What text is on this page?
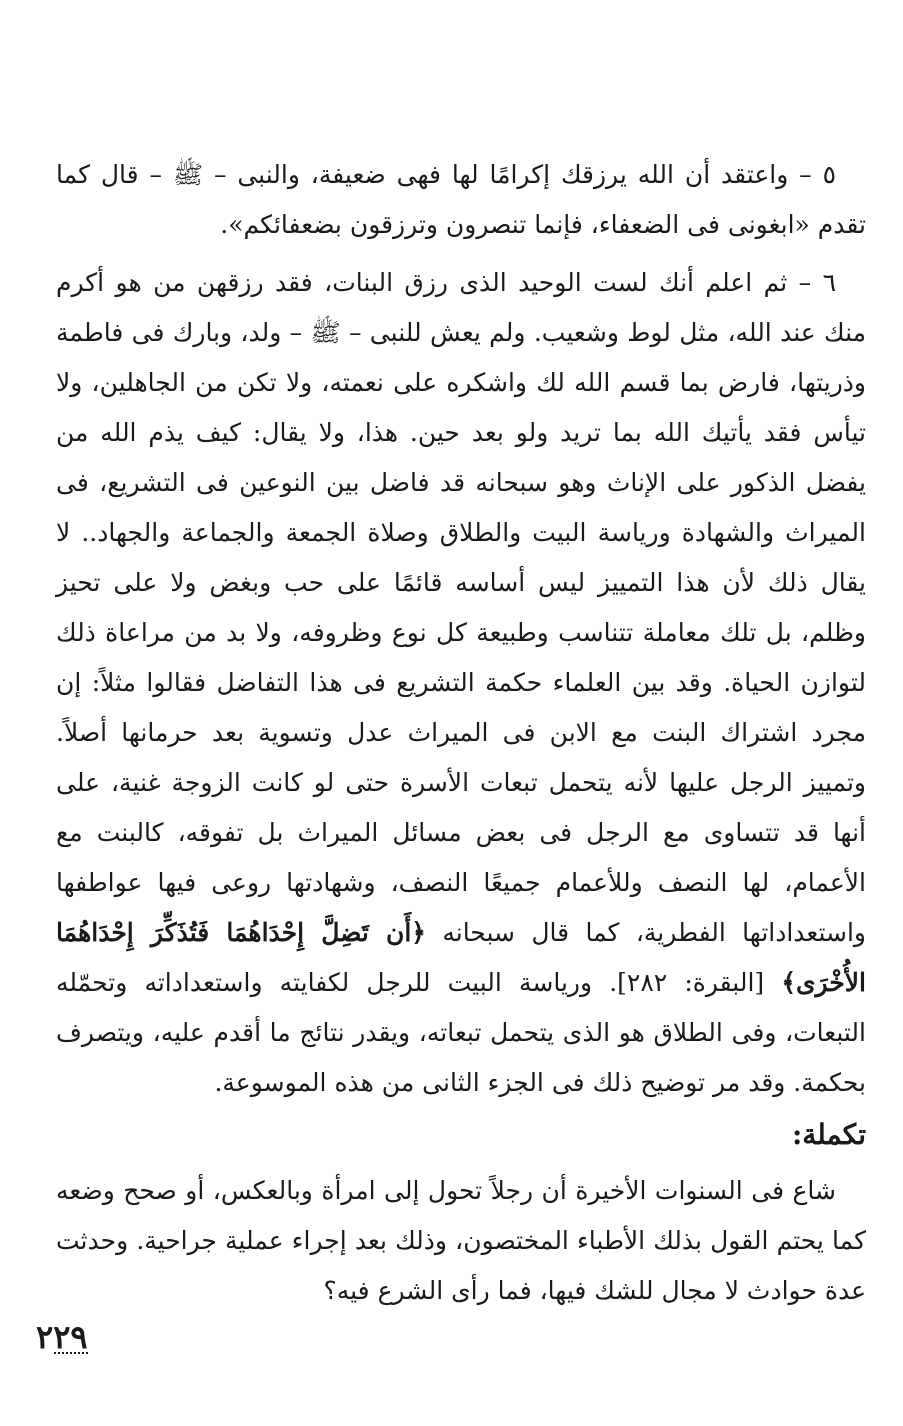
٥ – واعتقد أن الله يرزقك إكرامًا لها فهى ضعيفة، والنبى – ﷺ – قال كما تقدم «ابغونى فى الضعفاء، فإنما تنصرون وترزقون بضعفائكم».

٦ – ثم اعلم أنك لست الوحيد الذى رزق البنات، فقد رزقهن من هو أكرم منك عند الله، مثل لوط وشعيب. ولم يعش للنبى – ﷺ – ولد، وبارك فى فاطمة وذريتها، فارض بما قسم الله لك واشكره على نعمته، ولا تكن من الجاهلين، ولا تيأس فقد يأتيك الله بما تريد ولو بعد حين. هذا، ولا يقال: كيف يذم الله من يفضل الذكور على الإناث وهو سبحانه قد فاضل بين النوعين فى التشريع، فى الميراث والشهادة ورياسة البيت والطلاق وصلاة الجمعة والجماعة والجهاد.. لا يقال ذلك لأن هذا التمييز ليس أساسه قائمًا على حب وبغض ولا على تحيز وظلم، بل تلك معاملة تتناسب وطبيعة كل نوع وظروفه، ولا بد من مراعاة ذلك لتوازن الحياة. وقد بين العلماء حكمة التشريع فى هذا التفاضل فقالوا مثلاً: إن مجرد اشتراك البنت مع الابن فى الميراث عدل وتسوية بعد حرمانها أصلاً. وتمييز الرجل عليها لأنه يتحمل تبعات الأسرة حتى لو كانت الزوجة غنية، على أنها قد تتساوى مع الرجل فى بعض مسائل الميراث بل تفوقه، كالبنت مع الأعمام، لها النصف وللأعمام جميعًا النصف، وشهادتها روعى فيها عواطفها واستعداداتها الفطرية، كما قال سبحانه ﴿أَن تَضِلَّ إِحْدَاهُمَا فَتُذَكِّرَ إِحْدَاهُمَا الأُخْرَى﴾ [البقرة: ٢٨٢]. ورياسة البيت للرجل لكفايته واستعداداته وتحمّله التبعات، وفى الطلاق هو الذى يتحمل تبعاته، ويقدر نتائج ما أقدم عليه، ويتصرف بحكمة. وقد مر توضيح ذلك فى الجزء الثانى من هذه الموسوعة.

تكملة:

شاع فى السنوات الأخيرة أن رجلاً تحول إلى امرأة وبالعكس، أو صحح وضعه كما يحتم القول بذلك الأطباء المختصون، وذلك بعد إجراء عملية جراحية. وحدثت عدة حوادث لا مجال للشك فيها، فما رأى الشرع فيه؟

٢٢٩
